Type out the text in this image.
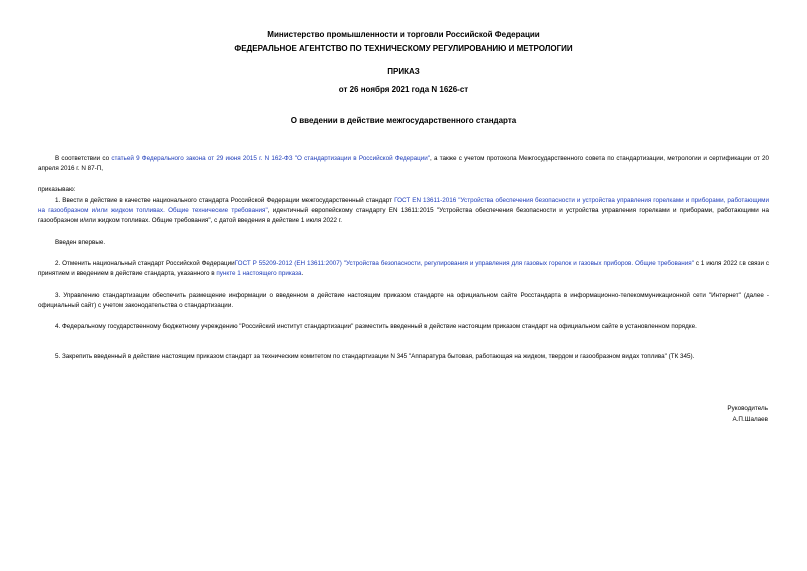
Министерство промышленности и торговли Российской Федерации
ФЕДЕРАЛЬНОЕ АГЕНТСТВО ПО ТЕХНИЧЕСКОМУ РЕГУЛИРОВАНИЮ И МЕТРОЛОГИИ
ПРИКАЗ
от 26 ноября 2021 года N 1626-ст
О введении в действие межгосударственного стандарта
В соответствии со статьей 9 Федерального закона от 29 июня 2015 г. N 162-ФЗ "О стандартизации в Российской Федерации", а также с учетом протокола Межгосударственного совета по стандартизации, метрологии и сертификации от 20 апреля 2016 г. N 87-П,
приказываю:
1. Ввести в действие в качестве национального стандарта Российской Федерации межгосударственный стандарт ГОСТ EN 13611-2016 "Устройства обеспечения безопасности и устройства управления горелками и приборами, работающими на газообразном и/или жидком топливах. Общие технические требования", идентичный европейскому стандарту EN 13611:2015 "Устройства обеспечения безопасности и устройства управления горелками и приборами, работающими на газообразном и/или жидком топливах. Общие требования", с датой введения в действие 1 июля 2022 г.
Введен впервые.
2. Отменить национальный стандарт Российской ФедерацииГОСТ Р 55209-2012 (ЕН 13611:2007) "Устройства безопасности, регулирования и управления для газовых горелок и газовых приборов. Общие требования" с 1 июля 2022 г.в связи с принятием и введением в действие стандарта, указанного в пункте 1 настоящего приказа.
3. Управлению стандартизации обеспечить размещение информации о введенном в действие настоящим приказом стандарте на официальном сайте Росстандарта в информационно-телекоммуникационной сети "Интернет" (далее - официальный сайт) с учетом законодательства о стандартизации.
4. Федеральному государственному бюджетному учреждению "Российский институт стандартизации" разместить введенный в действие настоящим приказом стандарт на официальном сайте в установленном порядке.
5. Закрепить введенный в действие настоящим приказом стандарт за техническим комитетом по стандартизации N 345 "Аппаратура бытовая, работающая на жидком, твердом и газообразном видах топлива" (ТК 345).
Руководитель
А.П.Шалаев
